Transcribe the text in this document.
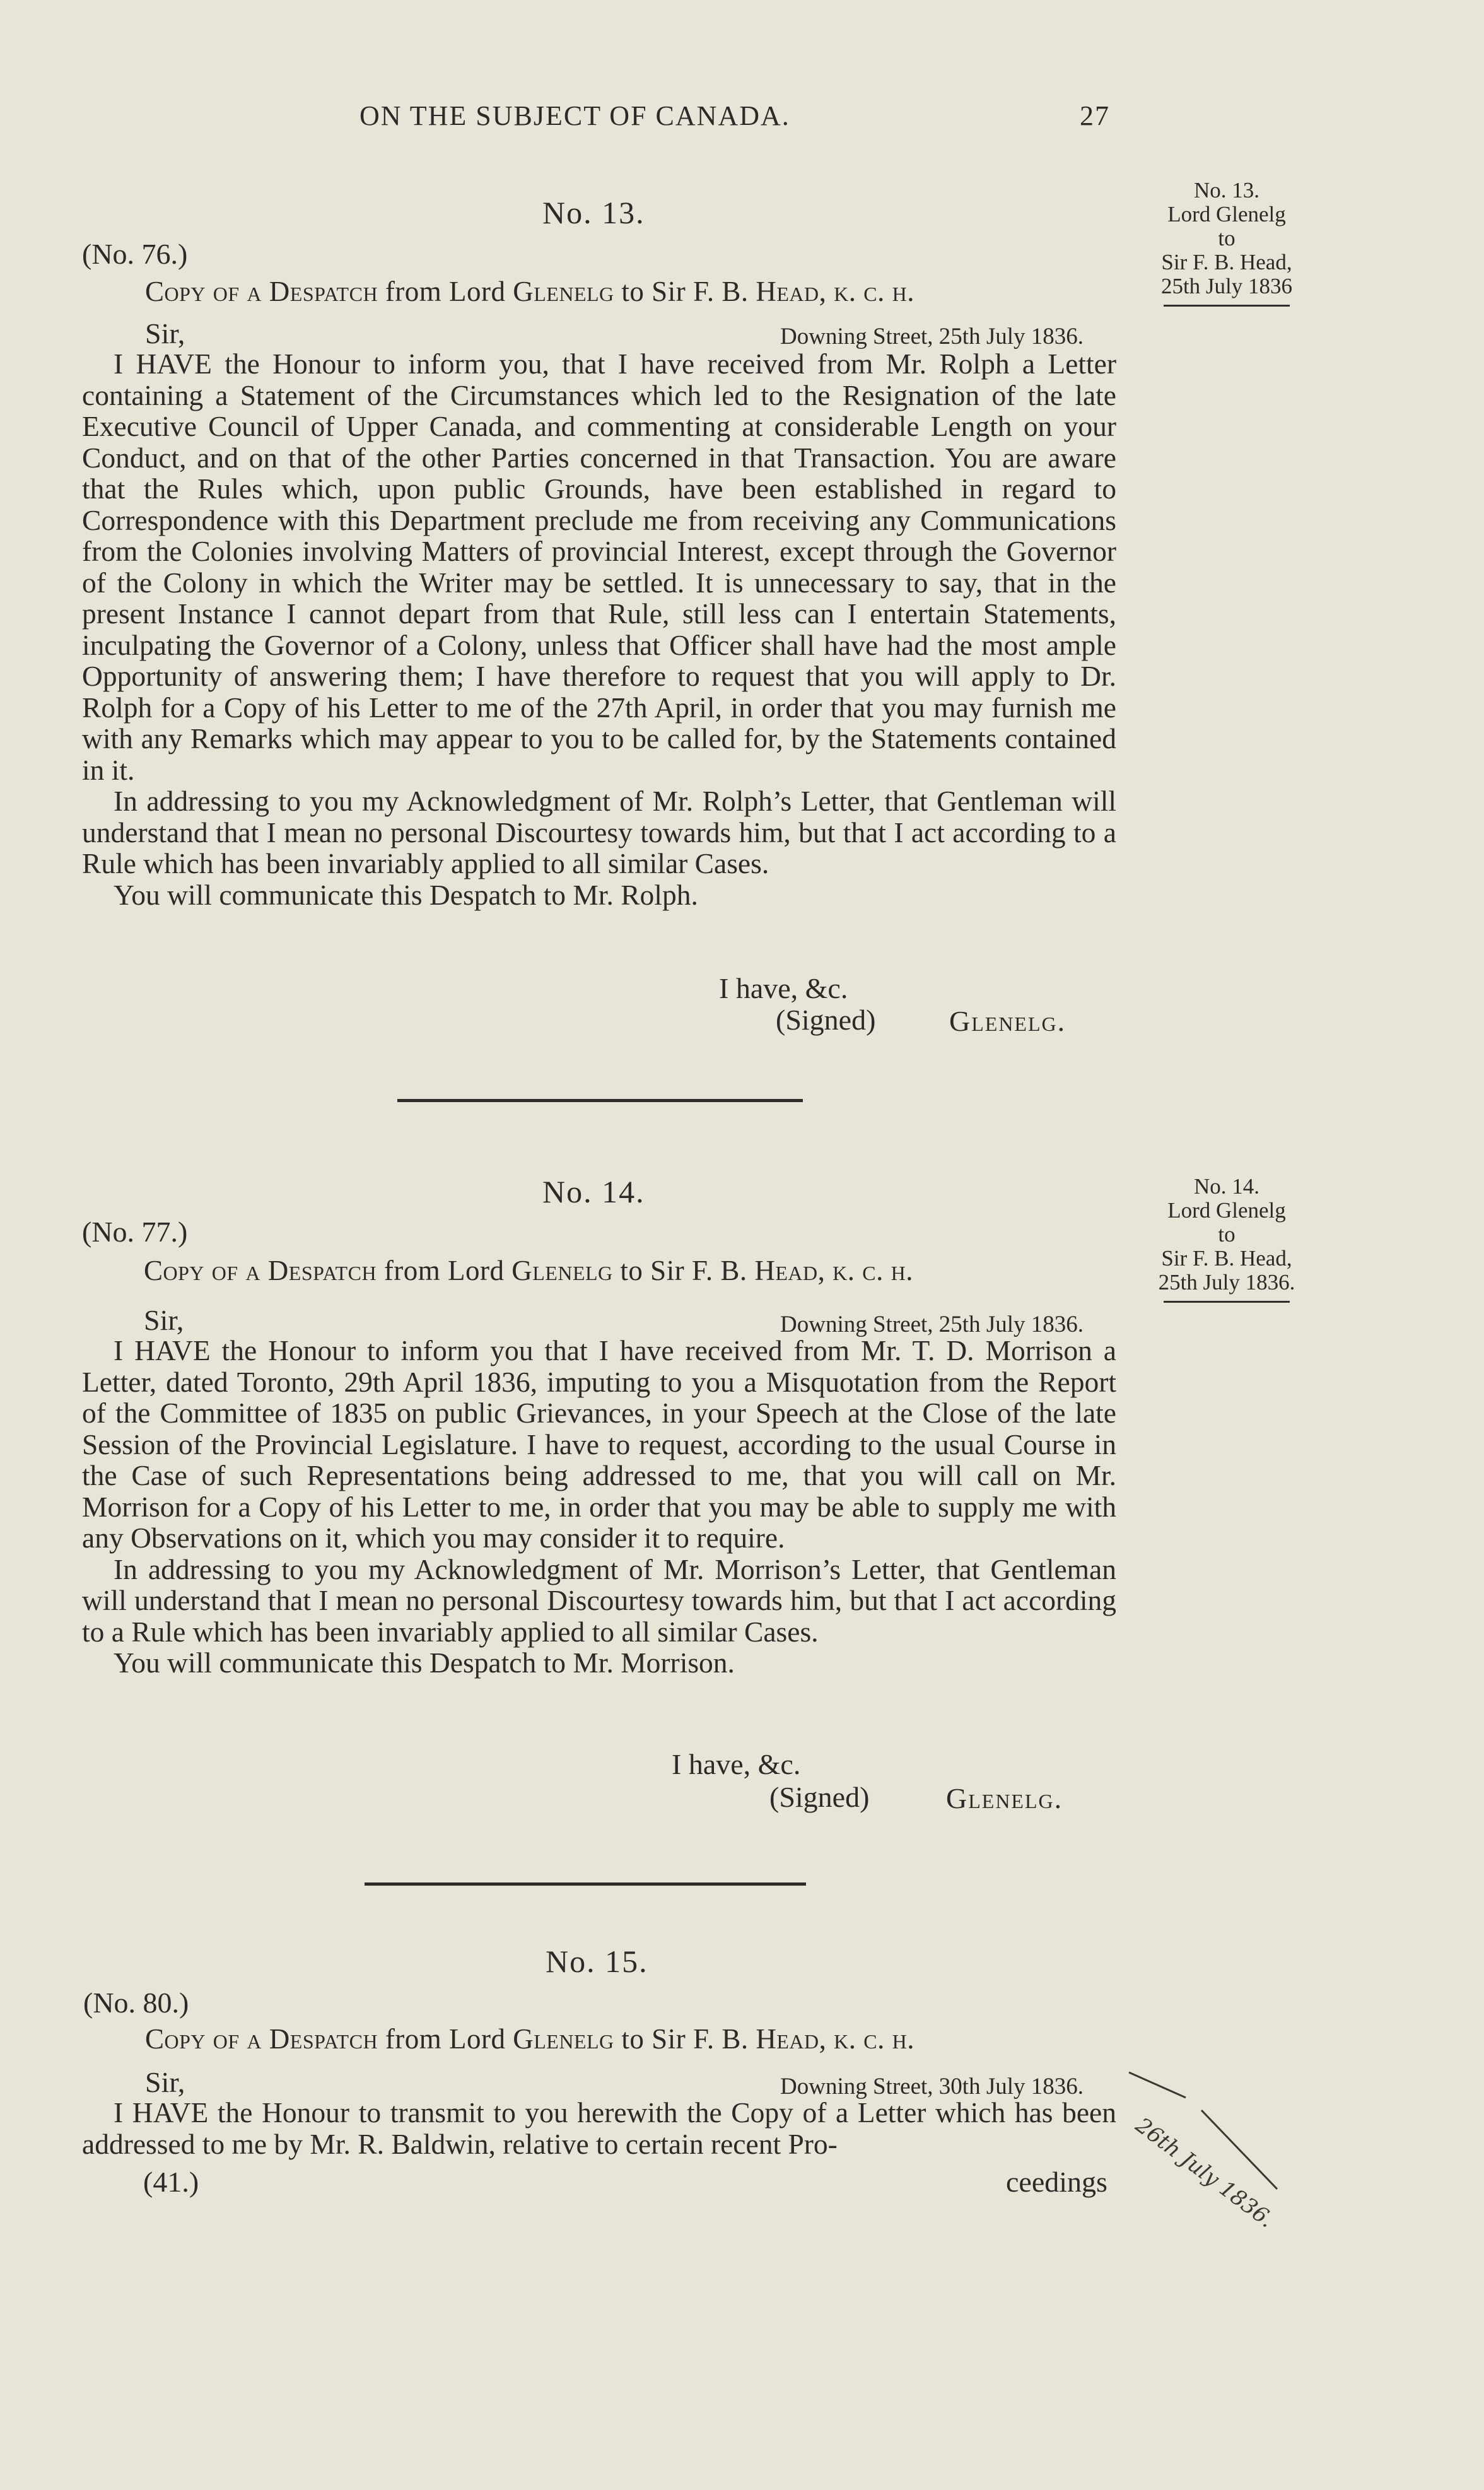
ON THE SUBJECT OF CANADA.	27
No. 13.
(No. 76.)
Copy of a Despatch from Lord Glenelg to Sir F. B. Head, k. c. h.
Sir,	Downing Street, 25th July 1836.

I HAVE the Honour to inform you, that I have received from Mr. Rolph a Letter containing a Statement of the Circumstances which led to the Resignation of the late Executive Council of Upper Canada, and commenting at considerable Length on your Conduct, and on that of the other Parties concerned in that Transaction. You are aware that the Rules which, upon public Grounds, have been established in regard to Correspondence with this Department preclude me from receiving any Communications from the Colonies involving Matters of provincial Interest, except through the Governor of the Colony in which the Writer may be settled. It is unnecessary to say, that in the present Instance I cannot depart from that Rule, still less can I entertain Statements, inculpating the Governor of a Colony, unless that Officer shall have had the most ample Opportunity of answering them; I have therefore to request that you will apply to Dr. Rolph for a Copy of his Letter to me of the 27th April, in order that you may furnish me with any Remarks which may appear to you to be called for, by the Statements contained in it.

In addressing to you my Acknowledgment of Mr. Rolph’s Letter, that Gentleman will understand that I mean no personal Discourtesy towards him, but that I act according to a Rule which has been invariably applied to all similar Cases.

You will communicate this Despatch to Mr. Rolph.

I have, &c.
(Signed)	Glenelg.
No. 13.
Lord Glenelg
to
Sir F. B. Head,
25th July 1836
No. 14.
(No. 77.)
Copy of a Despatch from Lord Glenelg to Sir F. B. Head, k. c. h.
Sir,	Downing Street, 25th July 1836.

I HAVE the Honour to inform you that I have received from Mr. T. D. Morrison a Letter, dated Toronto, 29th April 1836, imputing to you a Misquotation from the Report of the Committee of 1835 on public Grievances, in your Speech at the Close of the late Session of the Provincial Legislature. I have to request, according to the usual Course in the Case of such Representations being addressed to me, that you will call on Mr. Morrison for a Copy of his Letter to me, in order that you may be able to supply me with any Observations on it, which you may consider it to require.

In addressing to you my Acknowledgment of Mr. Morrison’s Letter, that Gentleman will understand that I mean no personal Discourtesy towards him, but that I act according to a Rule which has been invariably applied to all similar Cases.

You will communicate this Despatch to Mr. Morrison.

I have, &c.
(Signed)	Glenelg.
No. 14.
Lord Glenelg
to
Sir F. B. Head,
25th July 1836.
No. 15.
(No. 80.)
Copy of a Despatch from Lord Glenelg to Sir F. B. Head, k. c. h.
Sir,	Downing Street, 30th July 1836.

I HAVE the Honour to transmit to you herewith the Copy of a Letter which has been addressed to me by Mr. R. Baldwin, relative to certain recent Pro-

(41.)	ceedings 26th July 1836.
